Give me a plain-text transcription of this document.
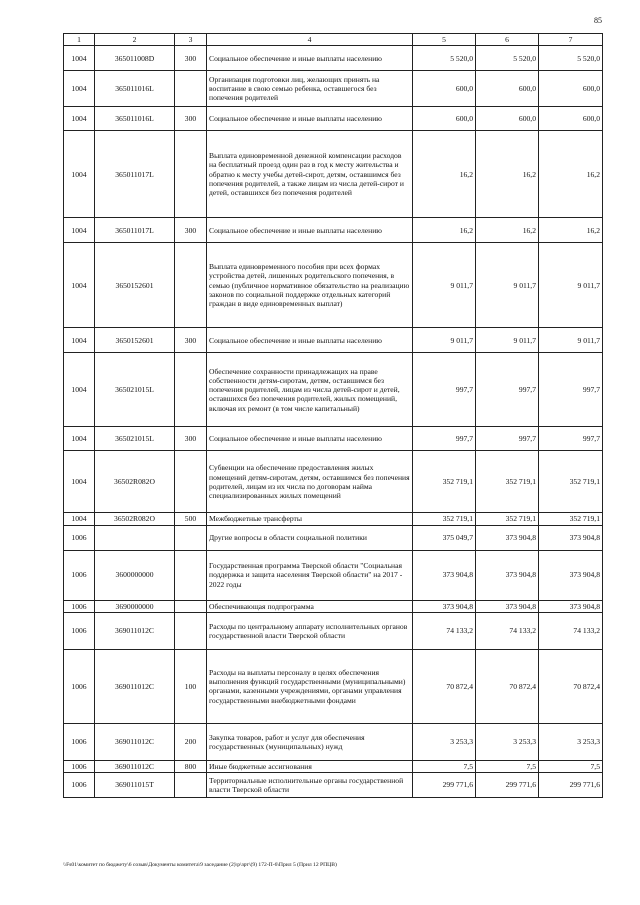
85
1	2	3	4	5	6	7
1004	365011008D	300	Социальное обеспечение и иные выплаты населению	5 520,0	5 520,0	5 520,0
1004	365011016L		Организация подготовки лиц, желающих принять на воспитание в свою семью ребенка, оставшегося без попечения родителей	600,0	600,0	600,0
1004	365011016L	300	Социальное обеспечение и иные выплаты населению	600,0	600,0	600,0
1004	365011017L		Выплата единовременной денежной компенсации расходов на бесплатный проезд один раз в год к месту жительства и обратно к месту учебы детей-сирот, детям, оставшимся без попечения родителей, а также лицам из числа детей-сирот и детей, оставшихся без попечения родителей	16,2	16,2	16,2
1004	365011017L	300	Социальное обеспечение и иные выплаты населению	16,2	16,2	16,2
1004	3650152601		Выплата единовременного пособия при всех формах устройства детей, лишенных родительского попечения, в семью (публичное нормативное обязательство на реализацию законов по социальной поддержке отдельных категорий граждан в виде единовременных выплат)	9 011,7	9 011,7	9 011,7
1004	3650152601	300	Социальное обеспечение и иные выплаты населению	9 011,7	9 011,7	9 011,7
1004	365021015L		Обеспечение сохранности принадлежащих на праве собственности детям-сиротам, детям, оставшимся без попечения родителей, лицам из числа детей-сирот и детей, оставшихся без попечения родителей, жилых помещений, включая их ремонт (в том числе капитальный)	997,7	997,7	997,7
1004	365021015L	300	Социальное обеспечение и иные выплаты населению	997,7	997,7	997,7
1004	36502R082О		Субвенции на обеспечение предоставления жилых помещений детям-сиротам, детям, оставшимся без попечения родителей, лицам из их числа по договорам найма специализированных жилых помещений	352 719,1	352 719,1	352 719,1
1004	36502R082О	500	Межбюджетные трансферты	352 719,1	352 719,1	352 719,1
1006			Другие вопросы в области социальной политики	375 049,7	373 904,8	373 904,8
1006	3600000000		Государственная программа Тверской области "Социальная поддержка и защита населения Тверской области" на 2017 - 2022 годы	373 904,8	373 904,8	373 904,8
1006	3690000000		Обеспечивающая подпрограмма	373 904,8	373 904,8	373 904,8
1006	369011012С		Расходы по центральному аппарату исполнительных органов государственной власти Тверской области	74 133,2	74 133,2	74 133,2
1006	369011012С	100	Расходы на выплаты персоналу в целях обеспечения выполнения функций государственными (муниципальными) органами, казенными учреждениями, органами управления государственными внебюджетными фондами	70 872,4	70 872,4	70 872,4
1006	369011012С	200	Закупка товаров, работ и услуг для обеспечения государственных (муниципальных) нужд	3 253,3	3 253,3	3 253,3
1006	369011012С	800	Иные бюджетные ассигнования	7,5	7,5	7,5
1006	369011015Т		Территориальные исполнительные органы государственной власти Тверской области	299 771,6	299 771,6	299 771,6
\\Fs01\комитет по бюджету\6 созыв\Документы комитета\9 заседание (2)\р\зрт\(9) 172-П-6\Прил 5 (Прил 12 РПЦВ)
